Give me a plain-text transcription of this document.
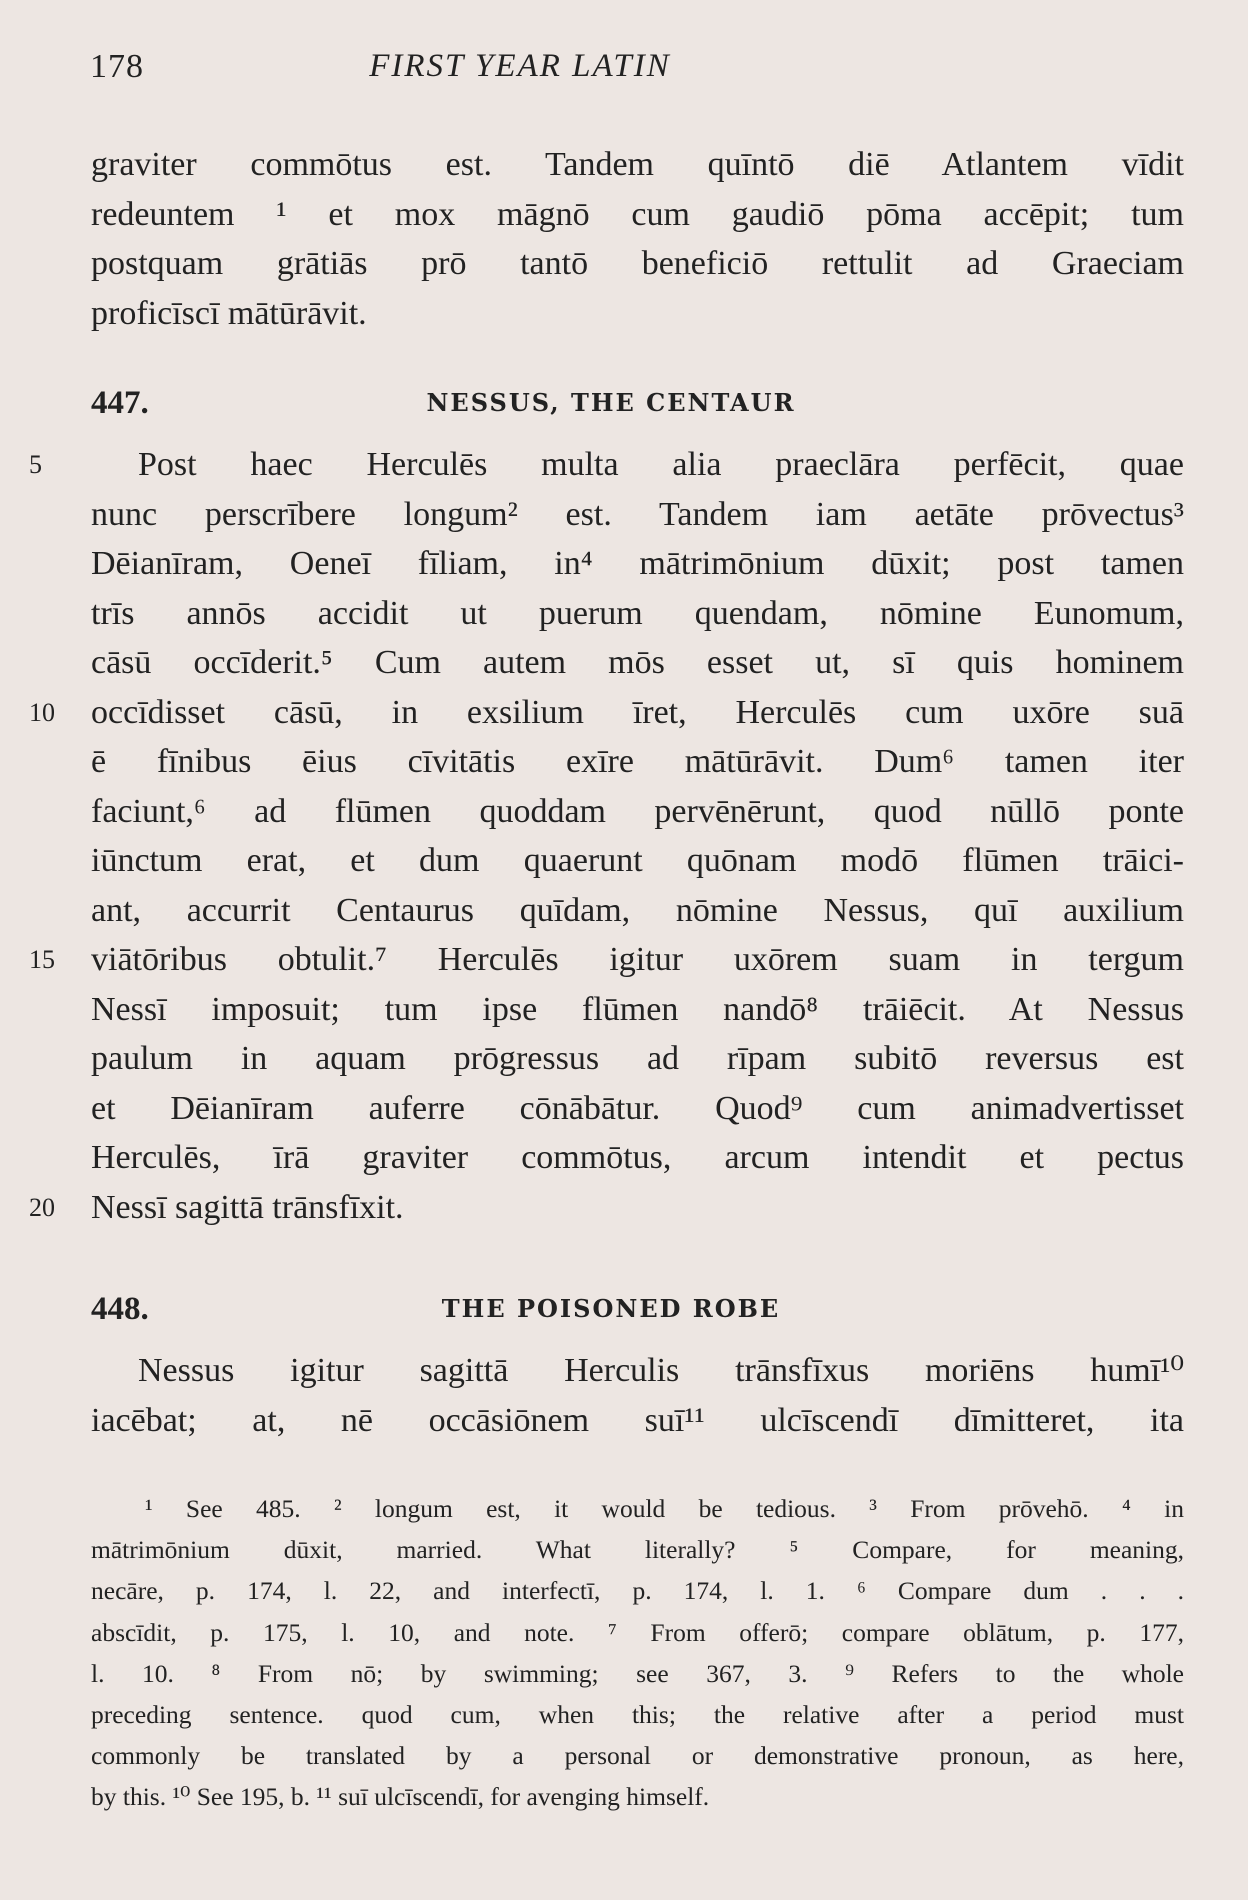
178	FIRST YEAR LATIN
graviter commōtus est. Tandem quīntō diē Atlantem vīdit
redeuntem ¹ et mox māgnō cum gaudiō pōma accēpit; tum
postquam grātiās prō tantō beneficiō rettulit ad Graeciam
proficīscī mātūrāvit.
447.	NESSUS, THE CENTAUR
5	Post haec Herculēs multa alia praeclāra perfēcit, quae
nunc perscrībere longum² est. Tandem iam aetāte prōvectus³
Dēianīram, Oeneī fīliam, in⁴ mātrimōnium dūxit; post tamen
trīs annōs accidit ut puerum quendam, nōmine Eunomum,
cāsū occīderit.⁵ Cum autem mōs esset ut, sī quis hominem
10	occīdisset cāsū, in exsilium īret, Herculēs cum uxōre suā
ē fīnibus ēius cīvitātis exīre mātūrāvit. Dum⁶ tamen iter
faciunt,⁶ ad flūmen quoddam pervēnērunt, quod nūllō ponte
iūnctum erat, et dum quaerunt quōnam modō flūmen trāici-
ant, accurrit Centaurus quīdam, nōmine Nessus, quī auxilium
15	viātōribus obtulit.⁷ Herculēs igitur uxōrem suam in tergum
Nessī imposuit; tum ipse flūmen nandō⁸ trāiēcit. At Nessus
paulum in aquam prōgressus ad rīpam subitō reversus est
et Dēianīram auferre cōnābātur. Quod⁹ cum animadvertisset
Herculēs, īrā graviter commōtus, arcum intendit et pectus
20	Nessī sagittā trānsfīxit.
448.	THE POISONED ROBE
Nessus igitur sagittā Herculis trānsfīxus moriēns humī¹⁰
iacēbat; at, nē occāsiōnem suī¹¹ ulcīscendī dīmitteret, ita
¹ See 485. ² longum est, it would be tedious. ³ From prōvehō. ⁴ in
mātrimōnium dūxit, married. What literally? ⁵ Compare, for meaning,
necāre, p. 174, l. 22, and interfectī, p. 174, l. 1. ⁶ Compare dum . . .
abscīdit, p. 175, l. 10, and note. ⁷ From offerō; compare oblātum, p. 177,
l. 10. ⁸ From nō; by swimming; see 367, 3. ⁹ Refers to the whole
preceding sentence. quod cum, when this; the relative after a period must
commonly be translated by a personal or demonstrative pronoun, as here,
by this. ¹⁰ See 195, b. ¹¹ suī ulcīscendī, for avenging himself.
